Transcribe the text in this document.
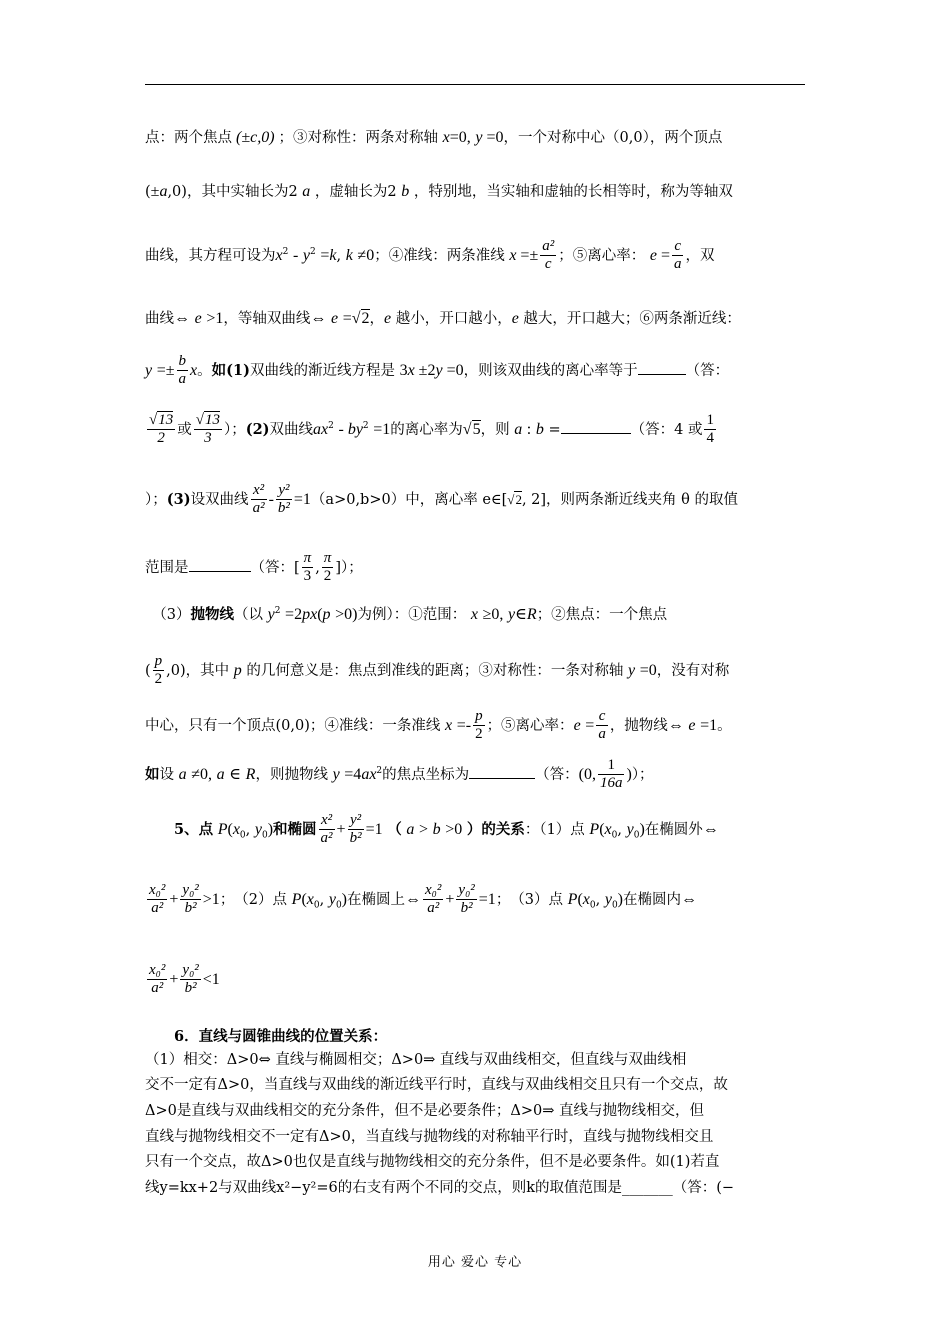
点：两个焦点 (±c,0) ；③对称性：两条对称轴 x=0, y =0，一个对称中心（0,0），两个顶点
(±a,0)，其中实轴长为2 a ，虚轴长为2 b ，特别地，当实轴和虚轴的长相等时，称为等轴双
曲线，其方程可设为$x^2 - y^2 =k$, k ≠0；④准线：两条准线 $x =\pm \frac{\text{a²}}{c}$ ；⑤离心率： $e = \frac{c}{a}$ ，双
曲线⇔ e >1，等轴双曲线⇔ e =√2，e 越小，开口越小，e 越大，开口越大；⑥两条渐近线：
$y =\pm \frac{b}{a}$ x。如(1)双曲线的渐近线方程是 3x ±2y =0，则该双曲线的离心率等于	（答：
$\frac{√13}{2}$ 或 $\frac{√13}{3}$ ）；(2)双曲线$ax^2 - by^2 =1$的离心率为√5，则 a : b =	（答：4 或 $\frac{1}{4}$
）；(3)设双曲线 $\frac{\text{x²}}{\text{a²}} - \frac{\text{y²}}{\text{b²}} =1(a>0,b>0)$中，离心率 e∈[√2, 2]，则两条渐近线夹角 θ 的取值
范围是	（答：[ $\frac{\pi}{3}$ , $\frac{\pi}{2}$ ]）；
　（3）抛物线（以 $y^2 =2px(p >0)$为例）：①范围： x ≥0, y∈R；②焦点：一个焦点
( $\frac{p}{2} ,0$)，其中 p 的几何意义是：焦点到准线的距离；③对称性：一条对称轴 y =0，没有对称
中心，只有一个顶点(0,0)；④准线：一条准线 $x =- \frac{p}{2}$ ；⑤离心率：$e = \frac{c}{a}$ ，抛物线⇔ e =1。
如设 a ≠0, a ∈ R，则抛物线 $y =4ax^2$的焦点坐标为	（答：(0, $\frac{1}{16a}$ )）；
　　5、点 $P(x_0$, $y_0$)和椭圆 $\frac{\text{x²}}{\text{a²}} + \frac{\text{y²}}{\text{b²}} =1$ （ a > b >0 ）的关系：（1）点 $P(x_0$, $y_0$)在椭圆外⇔
$\frac{\text{x₀²}}{\text{a²}} + \frac{\text{y₀²}}{\text{b²}} >1$；　（2）点 $P(x_0$, $y_0$)在椭圆上⇔ $\frac{\text{x₀²}}{\text{a²}} + \frac{\text{y₀²}}{\text{b²}} =1$；　（3）点 $P(x_0$, $y_0$)在椭圆内⇔
$\frac{\text{x₀²}}{\text{a²}} + \frac{\text{y₀²}}{\text{b²}} <1$
　　6．直线与圆锥曲线的位置关系：
（1）相交：Δ>0⇔ 直线与椭圆相交；Δ>0⇒ 直线与双曲线相交，但直线与双曲线相
交不一定有Δ>0，当直线与双曲线的渐近线平行时，直线与双曲线相交且只有一个交点，故
Δ>0是直线与双曲线相交的充分条件，但不是必要条件；Δ>0⇒ 直线与抛物线相交，但
直线与抛物线相交不一定有Δ>0，当直线与抛物线的对称轴平行时，直线与抛物线相交且
只有一个交点，故Δ>0也仅是直线与抛物线相交的充分条件，但不是必要条件。如(1)若直
线y=kx+2与双曲线x²−y²=6的右支有两个不同的交点，则k的取值范围是_______（答：(−
用心 爱心 专心
